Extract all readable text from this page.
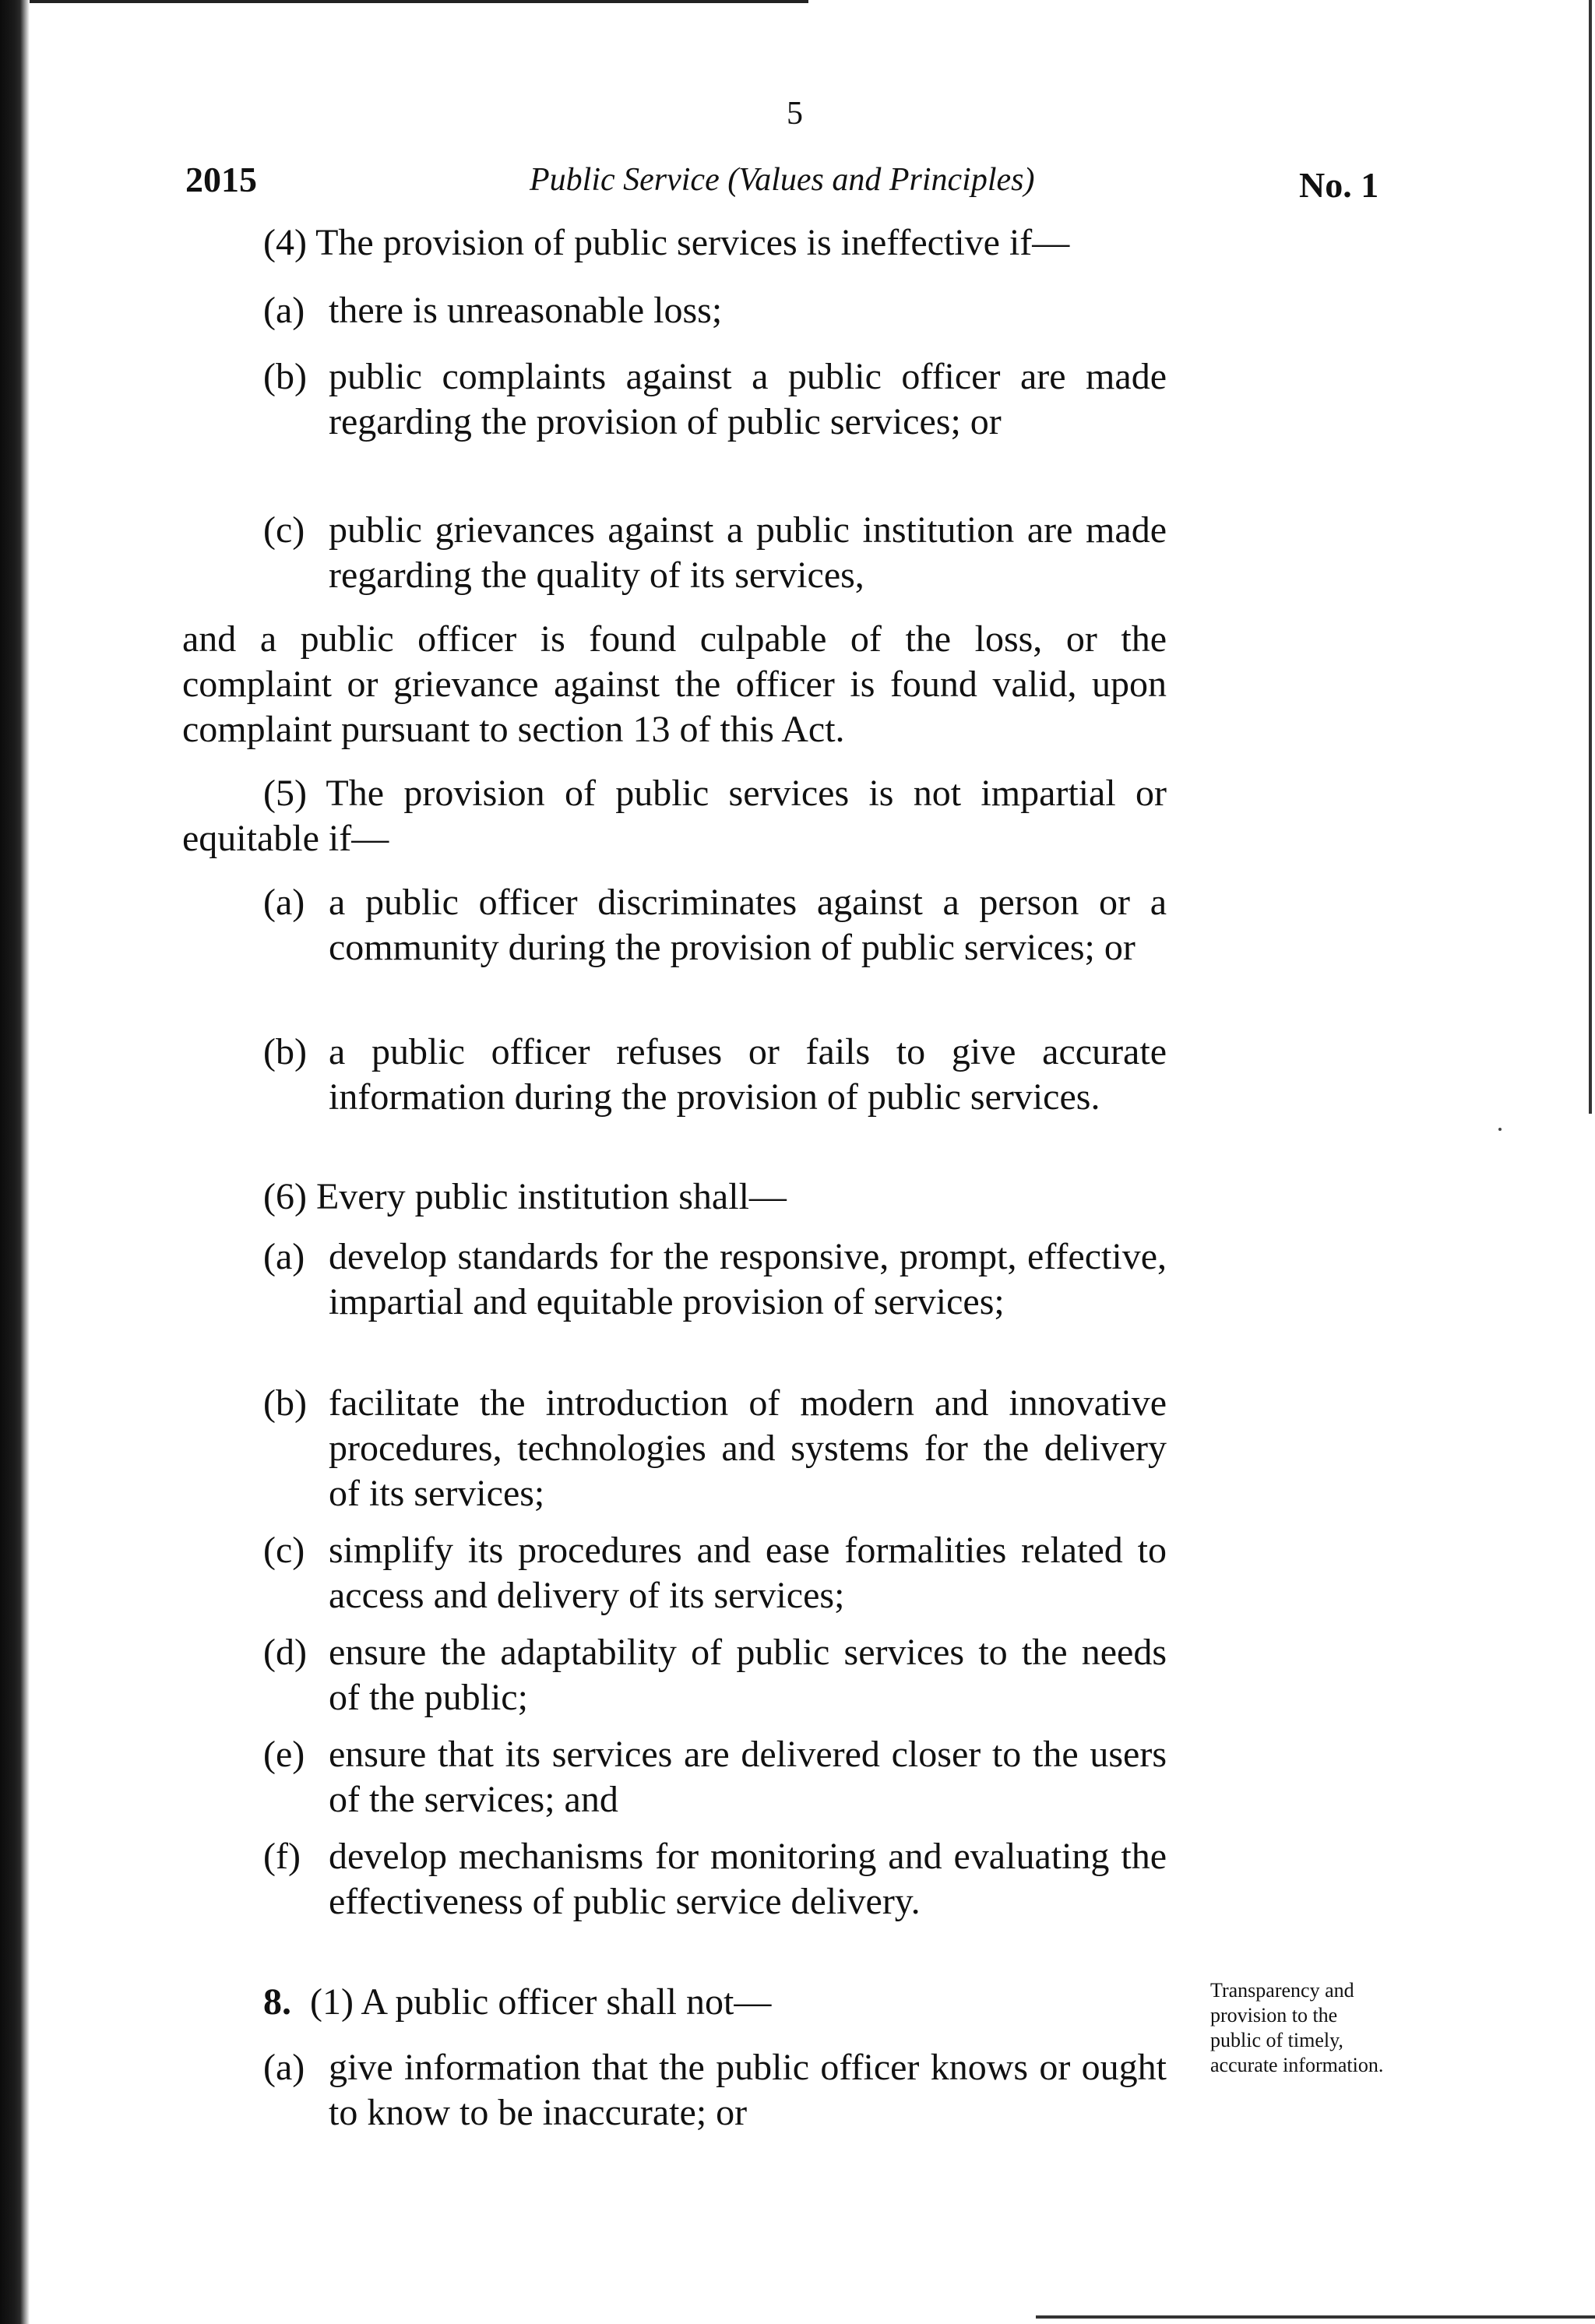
5
2015	Public Service (Values and Principles)	No. 1
(4) The provision of public services is ineffective if—
(a) there is unreasonable loss;
(b) public complaints against a public officer are made regarding the provision of public services; or
(c) public grievances against a public institution are made regarding the quality of its services,
and a public officer is found culpable of the loss, or the complaint or grievance against the officer is found valid, upon complaint pursuant to section 13 of this Act.
(5) The provision of public services is not impartial or equitable if—
(a) a public officer discriminates against a person or a community during the provision of public services; or
(b) a public officer refuses or fails to give accurate information during the provision of public services.
(6) Every public institution shall—
(a) develop standards for the responsive, prompt, effective, impartial and equitable provision of services;
(b) facilitate the introduction of modern and innovative procedures, technologies and systems for the delivery of its services;
(c) simplify its procedures and ease formalities related to access and delivery of its services;
(d) ensure the adaptability of public services to the needs of the public;
(e) ensure that its services are delivered closer to the users of the services; and
(f) develop mechanisms for monitoring and evaluating the effectiveness of public service delivery.
8. (1) A public officer shall not—
(a) give information that the public officer knows or ought to know to be inaccurate; or
Transparency and provision to the public of timely, accurate information.
